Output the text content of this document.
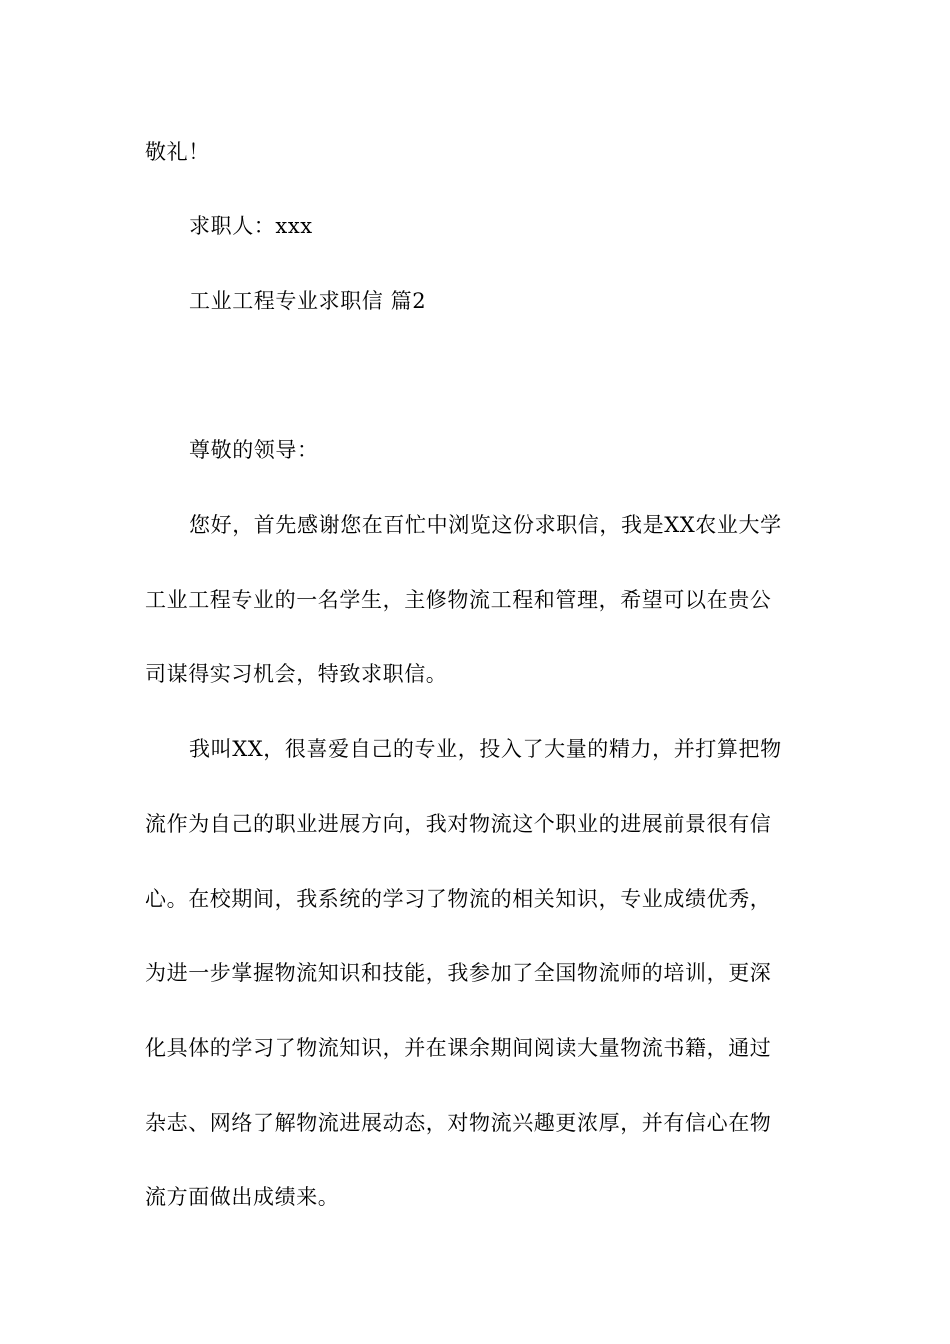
敬礼！
求职人：xxx
工业工程专业求职信 篇2
尊敬的领导：
您好，首先感谢您在百忙中浏览这份求职信，我是XX农业大学
工业工程专业的一名学生，主修物流工程和管理，希望可以在贵公
司谋得实习机会，特致求职信。
我叫XX，很喜爱自己的专业，投入了大量的精力，并打算把物
流作为自己的职业进展方向，我对物流这个职业的进展前景很有信
心。在校期间，我系统的学习了物流的相关知识，专业成绩优秀，
为进一步掌握物流知识和技能，我参加了全国物流师的培训，更深
化具体的学习了物流知识，并在课余期间阅读大量物流书籍，通过
杂志、网络了解物流进展动态，对物流兴趣更浓厚，并有信心在物
流方面做出成绩来。
